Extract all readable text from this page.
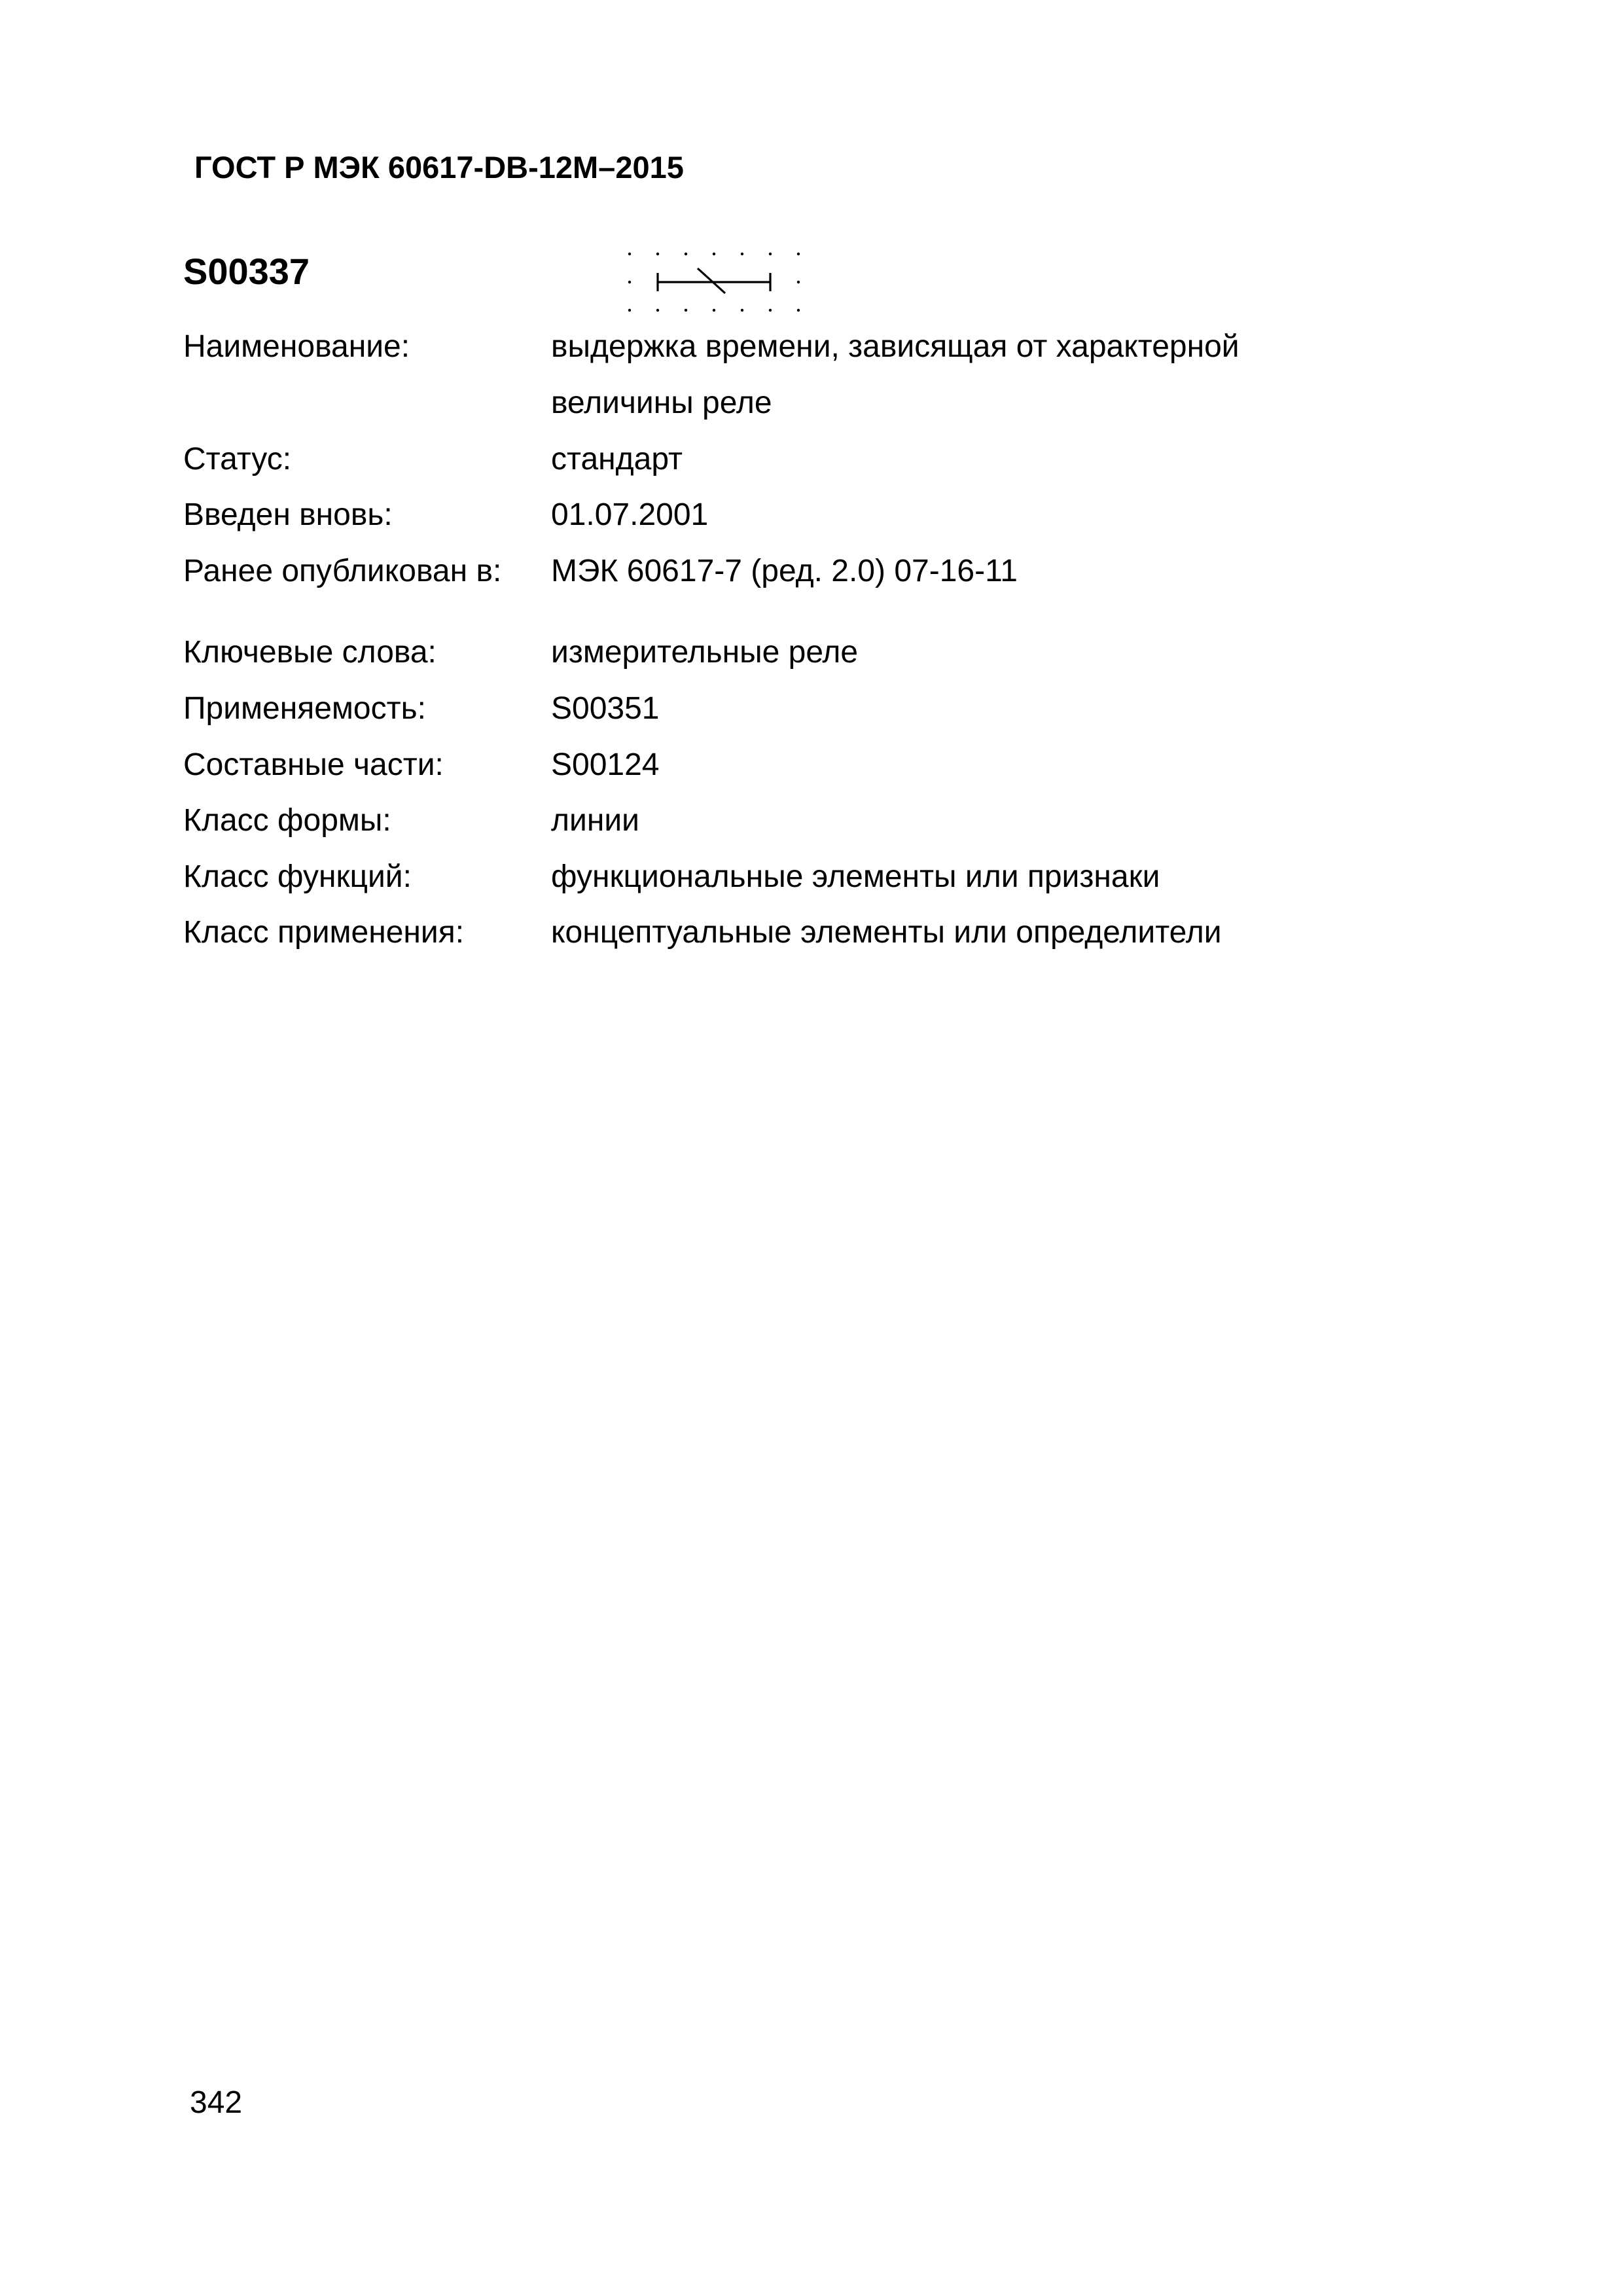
ГОСТ Р МЭК 60617-DB-12M–2015
S00337
Наименование:	выдержка времени, зависящая от характерной
величины реле
Статус:	стандарт
Введен вновь:	01.07.2001
Ранее опубликован в: МЭК 60617-7 (ред. 2.0) 07-16-11
Ключевые слова:	измерительные реле
Применяемость:	S00351
Составные части:	S00124
Класс формы:	линии
Класс функций:	функциональные элементы или признаки
Класс применения:	концептуальные элементы или определители
342
